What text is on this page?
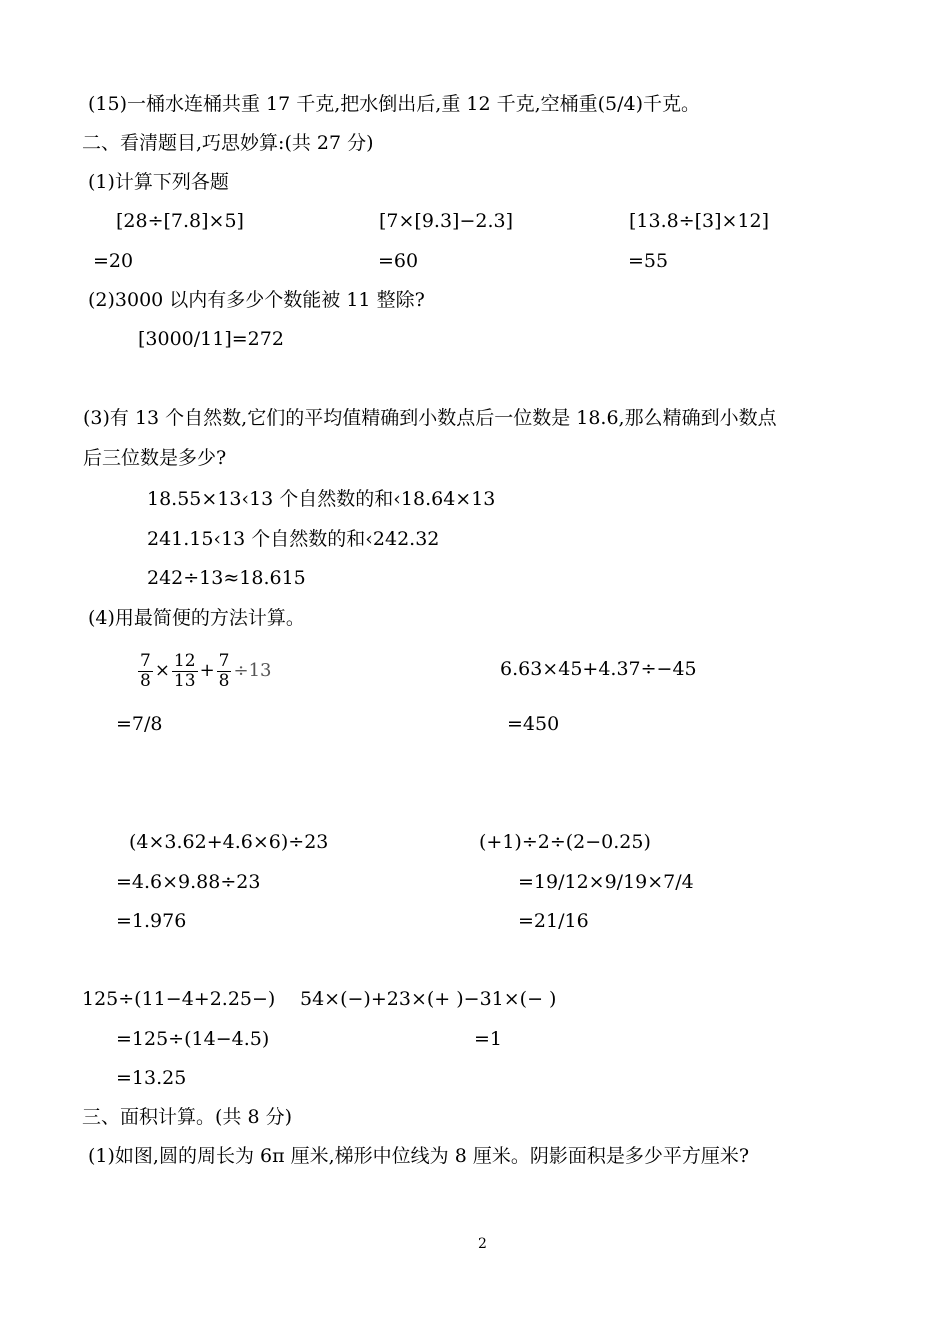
(15)一桶水连桶共重 17 千克,把水倒出后,重 12 千克,空桶重(5/4)千克。
二、看清题目,巧思妙算:(共 27 分)
(1)计算下列各题
[28÷[7.8]×5]	[7×[9.3]−2.3]	[13.8÷[3]×12]
=20	=60	=55
(2)3000 以内有多少个数能被 11 整除?
[3000/11]=272
(3)有 13 个自然数,它们的平均值精确到小数点后一位数是 18.6,那么精确到小数点
后三位数是多少?
18.55×13‹13 个自然数的和‹18.64×13
241.15‹13 个自然数的和‹242.32
242÷13≈18.615
(4)用最简便的方法计算。
$\frac{7}{8} \times \frac{12}{13} + \frac{7}{8} \div 13$	6.63×45+4.37÷−45
=7/8	=450
(4×3.62+4.6×6)÷23	(+1)÷2÷(2−0.25)
=4.6×9.88÷23	=19/12×9/19×7/4
=1.976	=21/16
125÷(11−4+2.25−) 54×(−)+23×(+ )−31×(− )
=125÷(14−4.5)	=1
=13.25
三、面积计算。(共 8 分)
(1)如图,圆的周长为 6π 厘米,梯形中位线为 8 厘米。阴影面积是多少平方厘米?
2
